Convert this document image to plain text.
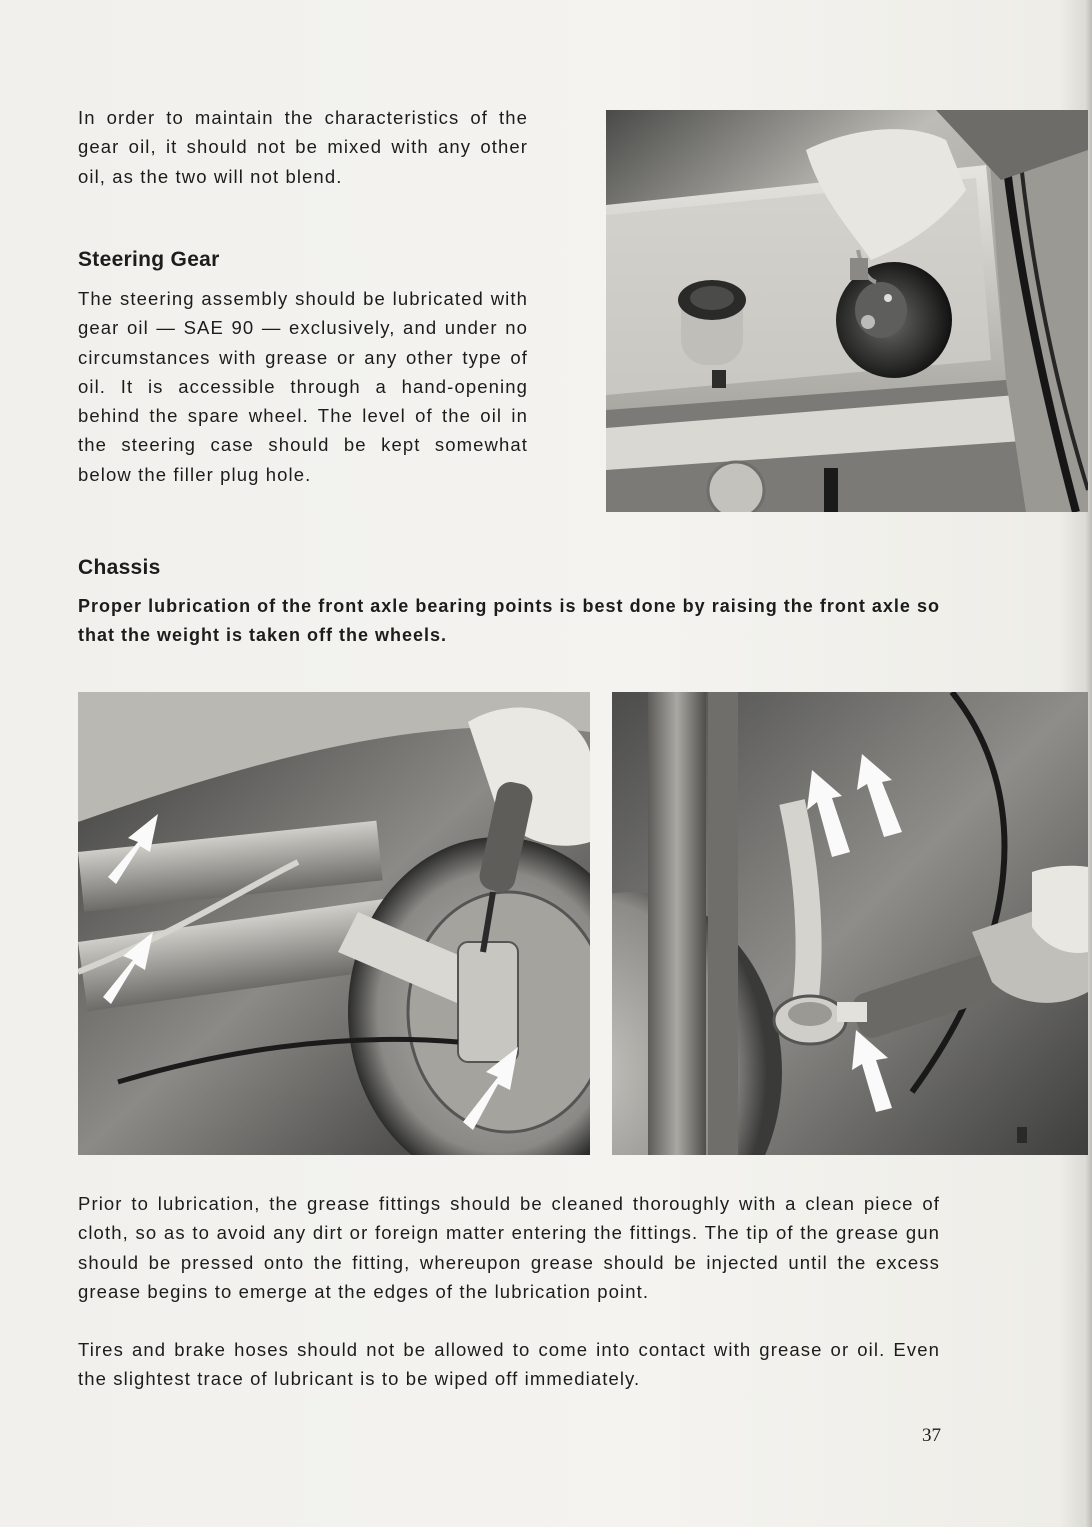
In order to maintain the characteristics of the gear oil, it should not be mixed with any other oil, as the two will not blend.

Steering Gear

The steering assembly should be lubricated with gear oil — SAE 90 — exclusively, and under no circumstances with grease or any other type of oil. It is accessible through a hand-opening behind the spare wheel. The level of the oil in the steering case should be kept somewhat below the filler plug hole.

Chassis

Proper lubrication of the front axle bearing points is best done by raising the front axle so that the weight is taken off the wheels.

Prior to lubrication, the grease fittings should be cleaned thoroughly with a clean piece of cloth, so as to avoid any dirt or foreign matter entering the fittings. The tip of the grease gun should be pressed onto the fitting, whereupon grease should be injected until the excess grease begins to emerge at the edges of the lubrication point.

Tires and brake hoses should not be allowed to come into contact with grease or oil. Even the slightest trace of lubricant is to be wiped off immediately.

37
